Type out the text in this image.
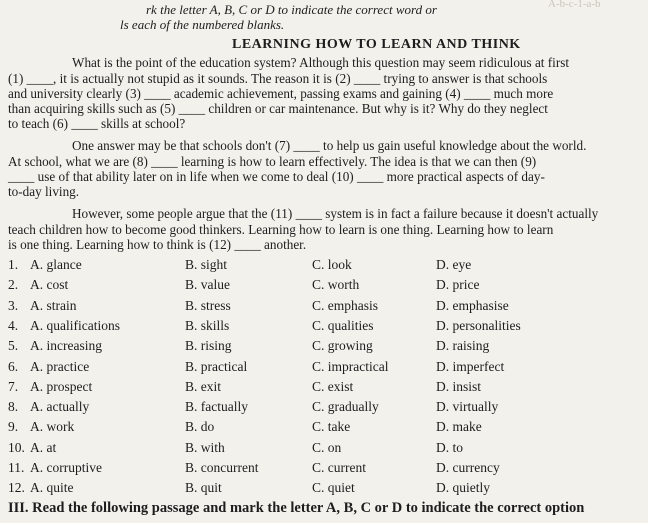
A-b-c-1-a-b
rk the letter A, B, C or D to indicate the correct word or
ls each of the numbered blanks.
LEARNING HOW TO LEARN AND THINK
What is the point of the education system? Although this question may seem ridiculous at first
(1) ____, it is actually not stupid as it sounds. The reason it is (2) ____ trying to answer is that schools
and university clearly (3) ____ academic achievement, passing exams and gaining (4) ____ much more
than acquiring skills such as (5) ____ children or car maintenance. But why is it? Why do they neglect
to teach (6) ____ skills at school?
One answer may be that schools don't (7) ____ to help us gain useful knowledge about the world.
At school, what we are (8) ____ learning is how to learn effectively. The idea is that we can then (9)
____ use of that ability later on in life when we come to deal (10) ____ more practical aspects of day-
to-day living.
However, some people argue that the (11) ____ system is in fact a failure because it doesn't actually
teach children how to become good thinkers. Learning how to learn is one thing. Learning how to learn
is one thing. Learning how to think is (12) ____ another.
1. A. glance	B. sight	C. look	D. eye
2. A. cost	B. value	C. worth	D. price
3. A. strain	B. stress	C. emphasis	D. emphasise
4. A. qualifications	B. skills	C. qualities	D. personalities
5. A. increasing	B. rising	C. growing	D. raising
6. A. practice	B. practical	C. impractical	D. imperfect
7. A. prospect	B. exit	C. exist	D. insist
8. A. actually	B. factually	C. gradually	D. virtually
9. A. work	B. do	C. take	D. make
10. A. at	B. with	C. on	D. to
11. A. corruptive	B. concurrent	C. current	D. currency
12. A. quite	B. quit	C. quiet	D. quietly
III. Read the following passage and mark the letter A, B, C or D to indicate the correct option
